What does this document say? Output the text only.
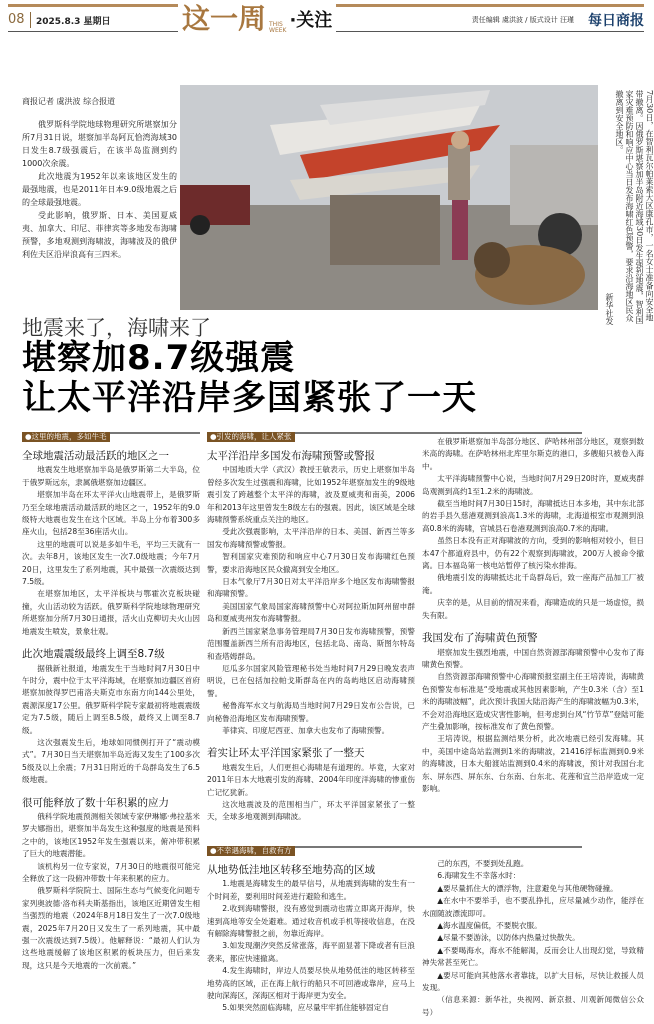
08 2025.8.3 星期日	这一周 THIS
WEEK ·关注	责任编辑 虞洪波 / 版式设计 汪瑾 每日商报
商报记者 虞洪波 综合报道

俄罗斯科学院地球物理研究所堪察加分所7月31日说，堪察加半岛阿瓦恰湾海域30日发生8.7级强震后，在该半岛监测到约1000次余震。

此次地震为1952年以来该地区发生的最强地震，也是2011年日本9.0级地震之后的全球最强地震。

受此影响，俄罗斯、日本、美国夏威夷、加拿大、印尼、菲律宾等多地发布海啸预警，多地观测到海啸波，海啸波及的俄伊利佐夫区沿岸浪高有三四米。	7月30日，在智利瓦尔帕莱索大区康孔市，一名女士准备向安全地带撤离。因俄罗斯堪察加半岛附近海域30日发生强烈地震，智利国家灾难预防和响应中心当日发布海啸红色预警，要求沿海地区民众撤离到安全地区。
新华社发
地震来了，海啸来了
堪察加8.7级强震
让太平洋沿岸多国紧张了一天
●这里的地震，多如牛毛	●引发的海啸，让人紧张
●不幸遇海啸，自救有方
全球地震活动最活跃的地区之一

地震发生地堪察加半岛是俄罗斯第二大半岛，位于俄罗斯远东，隶属俄堪察加边疆区。

堪察加半岛在环太平洋火山地震带上，是俄罗斯乃至全球地震活动最活跃的地区之一，1952年的9.0级特大地震也发生在这个区域。半岛上分布着300多座火山，包括28至36座活火山。

这里的地震可以说是多如牛毛，平均三天就有一次。去年8月，该地区发生一次7.0级地震；今年7月20日，这里发生了系列地震，其中最强一次震级达到7.5级。

在堪察加地区，太平洋板块与鄂霍次克板块碰撞，火山活动较为活跃。俄罗斯科学院地球物理研究所堪察加分所7月30日通报，活火山克柳切夫火山因地震发生喷发，景象壮观。

此次地震震级最终上调至8.7级

据俄新社报道，地震发生于当地时间7月30日中午时分，震中位于太平洋海域，在堪察加边疆区首府堪察加彼得罗巴甫洛夫斯克市东南方向144公里处，震源深度17公里。俄罗斯科学院专家最初将地震震级定为7.5级，随后上调至8.5级，最终又上调至8.7级。

这次强震发生后，地球如同惯例打开了“震动模式”。7月30日当天堪察加半岛近海又发生了100多次5级及以上余震；7月31日附近的千岛群岛发生了6.5级地震。

很可能释放了数十年积累的应力

俄科学院地震预测相关领域专家伊琳娜·弗拉基米罗夫娜指出，堪察加半岛发生这种强度的地震是预料之中的，该地区1952年发生强震以来，俯冲带积累了巨大的地震潜能。

该机构另一位专家说，7月30日的地震很可能完全释放了这一段俯冲带数十年来积累的应力。

俄罗斯科学院院士、国际生态与气候变化问题专家列奥波德·洛布科夫斯基指出，该地区近期曾发生相当强烈的地震（2024年8月18日发生了一次7.0级地震，2025年7月20日又发生了一系列地震，其中最强一次震级达到7.5级）。他解释说：“最初人们认为这些地震缓解了该地区积累的板块压力，但后来发现，这只是今天地震的一次前震。”

太平洋沿岸多国发布海啸预警或警报

中国地质大学（武汉）教授王敏表示，历史上堪察加半岛曾经多次发生过强震和海啸，比如1952年堪察加发生的9级地震引发了跨越整个太平洋的海啸，波及夏威夷和南美，2006年和2013年这里曾发生8级左右的强震。因此，该区域是全球海啸预警系统重点关注的地区。

受此次强震影响，太平洋沿岸的日本、美国、新西兰等多国发布海啸预警或警报。

智利国家灾难预防和响应中心7月30日发布海啸红色预警，要求沿海地区民众撤离到安全地区。

日本气象厅7月30日对太平洋沿岸多个地区发布海啸警报和海啸预警。

美国国家气象局国家海啸预警中心对阿拉斯加阿州留申群岛和夏威夷州发布海啸警报。

新西兰国家紧急事务管理局7月30日发布海啸预警，预警范围覆盖新西兰所有沿海地区，包括北岛、南岛、斯图尔特岛和查塔姆群岛。

厄瓜多尔国家风险管理秘书处当地时间7月29日晚发表声明说，已在包括加拉帕戈斯群岛在内的岛屿地区启动海啸预警。

秘鲁海军水文与航海局当地时间7月29日发布公告说，已向秘鲁沿海地区发布海啸预警。

菲律宾、印度尼西亚、加拿大也发布了海啸预警。

着实让环太平洋国家紧张了一整天

地震发生后，人们更担心海啸是有道理的。毕竟，大家对2011年日本大地震引发的海啸、2004年印度洋海啸的惨重伤亡记忆犹新。

这次地震波及的范围相当广，环太平洋国家紧张了一整天，全球多地观测到海啸波。

在俄罗斯堪察加半岛部分地区、萨哈林州部分地区，观察到数米高的海啸。在萨哈林州北库里尔斯克的港口，多艘船只被卷入海中。

太平洋海啸预警中心说，当地时间7月29日20时许，夏威夷群岛观测到高约1至1.2米的海啸波。

截至当地时间7月30日15时，海啸抵达日本多地，其中东北部的岩手县久慈港观测到浪高1.3米的海啸，北海道根室市观测到浪高0.8米的海啸，宫城县石卷港观测到浪高0.7米的海啸。

虽然日本没有正对海啸波的方向，受到的影响相对较小，但日本47个都道府县中，仍有22个观察到海啸波，200万人被命令撤离。日本福岛第一核电站暂停了核污染水排海。

俄地震引发的海啸抵达北千岛群岛后，致一座海产品加工厂被淹。

庆幸的是，从目前的情况来看，海啸造成的只是一场虚惊，损失有限。

我国发布了海啸黄色预警

堪察加发生强烈地震，中国自然资源部海啸预警中心发布了海啸黄色预警。

自然资源部海啸预警中心海啸预报室副主任王培涛说，海啸黄色预警发布标准是“受地震或其他因素影响，产生0.3米（含）至1米的海啸波幅”，此次预计我国大陆沿海产生的海啸波幅为0.3米，不会对沿海地区造成灾害性影响，但考虑到台风“竹节草”登陆可能产生叠加影响，按标准发布了黄色预警。

王培涛说，根据监测结果分析，此次地震已经引发海啸。其中，美国中途岛站监测到1米的海啸波，21416浮标监测到0.9米的海啸波，日本大船渡站监测到0.4米的海啸波，预计对我国台北东、屏东西、屏东东、台东南、台东北、花莲和宜兰沿岸造成一定影响。

从地势低洼地区转移至地势高的区域

1.地震是海啸发生的最早信号，从地震到海啸的发生有一个时间差，要利用时间差进行避险和逃生。

2.收到海啸警报，没有感觉到震动也需立即离开海岸，快速到高地等安全处避难。通过收音机或手机等接收信息，在没有解除海啸警报之前，勿靠近海岸。

3.如发现潮汐突然反常涨落，海平面显著下降或者有巨浪袭来，都应快速撤离。

4.发生海啸时，岸边人员要尽快从地势低洼的地区转移至地势高的区域，正在海上航行的船只不可回港或靠岸，应马上驶向深海区，深海区相对于海岸更为安全。

5.如果突然面临海啸，应尽量牢牢抓住能够固定自

己的东西，不要到处乱跑。

6.海啸发生不幸落水时：

▲要尽量抓住大的漂浮物，注意避免与其他硬物碰撞。

▲在水中不要举手，也不要乱挣扎，应尽量减少动作，能浮在水面随波漂流即可。

▲海水温度偏低，不要脱衣服。

▲尽量不要游泳，以防体内热量过快散失。

▲不要喝海水，海水不能解渴，反而会让人出现幻觉，导致精神失常甚至死亡。

▲要尽可能向其他落水者靠拢，以扩大目标，尽快让救援人员发现。

（信息来源：新华社，央视网、新京报、川观新闻微信公众号）
